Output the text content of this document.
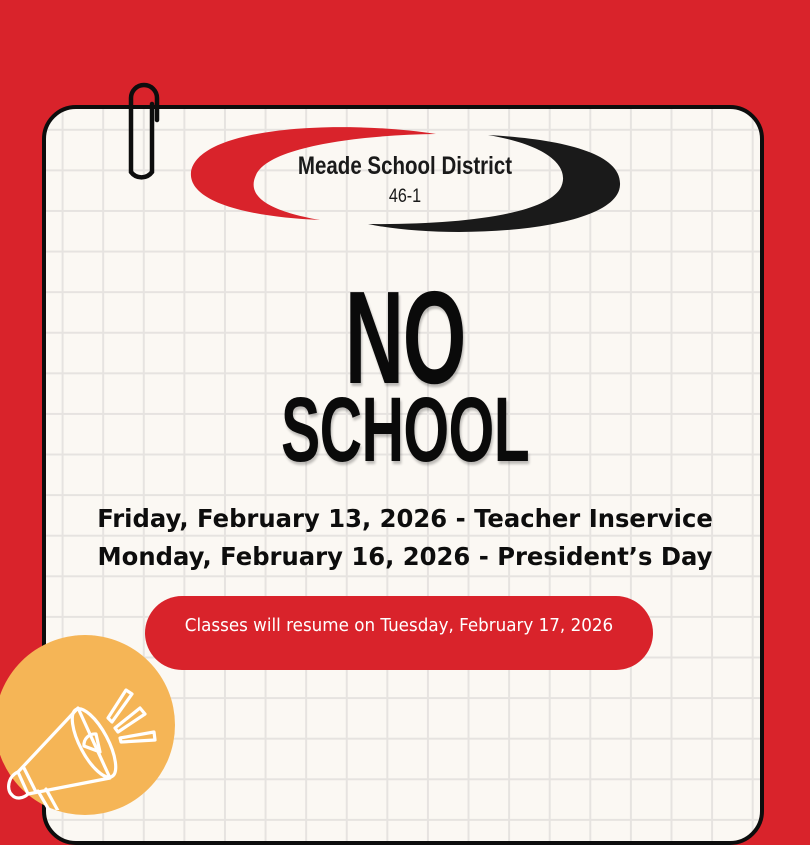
Meade School District
46-1
NO
SCHOOL
Friday, February 13, 2026 - Teacher Inservice
Monday, February 16, 2026 - President’s Day
Classes will resume on Tuesday, February 17, 2026
